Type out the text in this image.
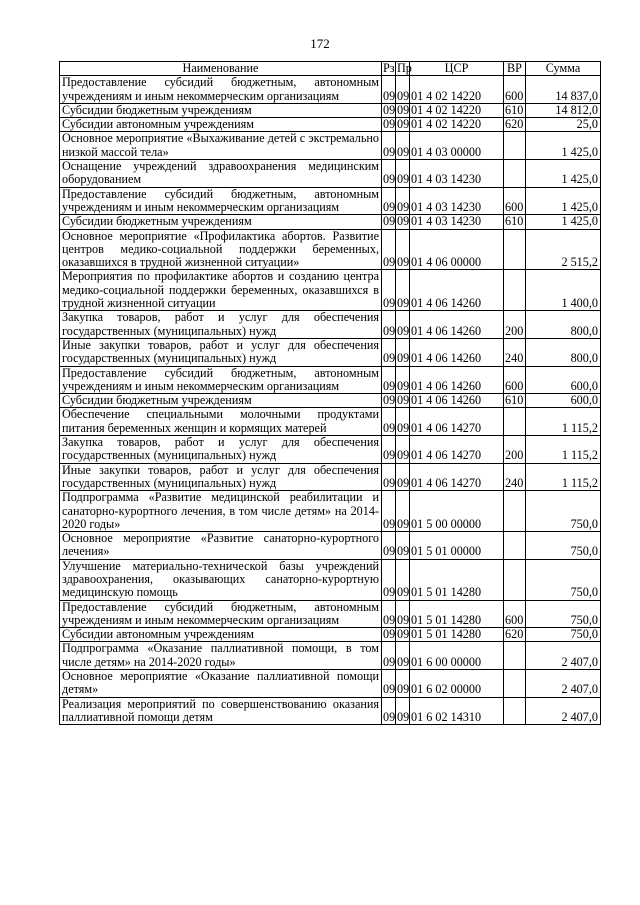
172
Наименование	Рз	Пр	ЦСР	ВР	Сумма
Предоставление субсидий бюджетным, автономным учреждениям и иным некоммерческим организациям	09	09	01 4 02 14220	600	14 837,0
Субсидии бюджетным учреждениям	09	09	01 4 02 14220	610	14 812,0
Субсидии автономным учреждениям	09	09	01 4 02 14220	620	25,0
Основное мероприятие «Выхаживание детей с экстремально низкой массой тела»	09	09	01 4 03 00000		1 425,0
Оснащение учреждений здравоохранения медицинским оборудованием	09	09	01 4 03 14230		1 425,0
Предоставление субсидий бюджетным, автономным учреждениям и иным некоммерческим организациям	09	09	01 4 03 14230	600	1 425,0
Субсидии бюджетным учреждениям	09	09	01 4 03 14230	610	1 425,0
Основное мероприятие «Профилактика абортов. Развитие центров медико-социальной поддержки беременных, оказавшихся в трудной жизненной ситуации»	09	09	01 4 06 00000		2 515,2
Мероприятия по профилактике абортов и созданию центра медико-социальной поддержки беременных, оказавшихся в трудной жизненной ситуации	09	09	01 4 06 14260		1 400,0
Закупка товаров, работ и услуг для обеспечения государственных (муниципальных) нужд	09	09	01 4 06 14260	200	800,0
Иные закупки товаров, работ и услуг для обеспечения государственных (муниципальных) нужд	09	09	01 4 06 14260	240	800,0
Предоставление субсидий бюджетным, автономным учреждениям и иным некоммерческим организациям	09	09	01 4 06 14260	600	600,0
Субсидии бюджетным учреждениям	09	09	01 4 06 14260	610	600,0
Обеспечение специальными молочными продуктами питания беременных женщин и кормящих матерей	09	09	01 4 06 14270		1 115,2
Закупка товаров, работ и услуг для обеспечения государственных (муниципальных) нужд	09	09	01 4 06 14270	200	1 115,2
Иные закупки товаров, работ и услуг для обеспечения государственных (муниципальных) нужд	09	09	01 4 06 14270	240	1 115,2
Подпрограмма «Развитие медицинской реабилитации и санаторно-курортного лечения, в том числе детям» на 2014-2020 годы»	09	09	01 5 00 00000		750,0
Основное мероприятие «Развитие санаторно-курортного лечения»	09	09	01 5 01 00000		750,0
Улучшение материально-технической базы учреждений здравоохранения, оказывающих санаторно-курортную медицинскую помощь	09	09	01 5 01 14280		750,0
Предоставление субсидий бюджетным, автономным учреждениям и иным некоммерческим организациям	09	09	01 5 01 14280	600	750,0
Субсидии автономным учреждениям	09	09	01 5 01 14280	620	750,0
Подпрограмма «Оказание паллиативной помощи, в том числе детям» на 2014-2020 годы»	09	09	01 6 00 00000		2 407,0
Основное мероприятие «Оказание паллиативной помощи детям»	09	09	01 6 02 00000		2 407,0
Реализация мероприятий по совершенствованию оказания паллиативной помощи детям	09	09	01 6 02 14310		2 407,0
